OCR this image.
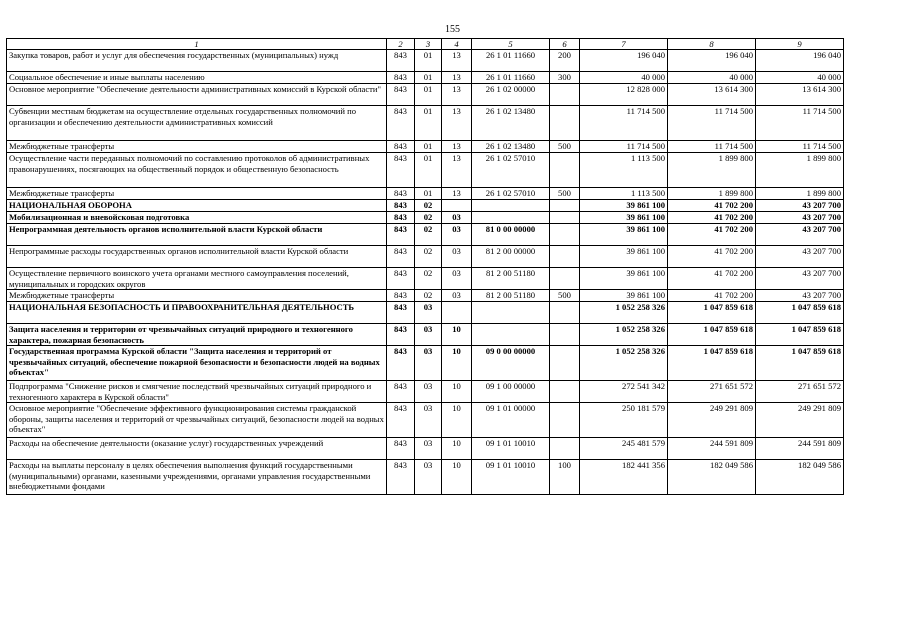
155
1	2	3	4	5	6	7	8	9
Закупка товаров, работ и услуг для обеспечения государственных (муниципальных) нужд	843	01	13	26 1 01 11660	200	196 040	196 040	196 040
Социальное обеспечение и иные выплаты населению	843	01	13	26 1 01 11660	300	40 000	40 000	40 000
Основное мероприятие "Обеспечение деятельности административных комиссий в Курской области"	843	01	13	26 1 02 00000		12 828 000	13 614 300	13 614 300
Субвенции местным бюджетам на осуществление отдельных государственных полномочий по организации и обеспечению деятельности административных комиссий	843	01	13	26 1 02 13480		11 714 500	11 714 500	11 714 500
Межбюджетные трансферты	843	01	13	26 1 02 13480	500	11 714 500	11 714 500	11 714 500
Осуществление части переданных полномочий по составлению протоколов об административных правонарушениях, посягающих на общественный порядок и общественную безопасность	843	01	13	26 1 02 57010		1 113 500	1 899 800	1 899 800
Межбюджетные трансферты	843	01	13	26 1 02 57010	500	1 113 500	1 899 800	1 899 800
НАЦИОНАЛЬНАЯ ОБОРОНА	843	02				39 861 100	41 702 200	43 207 700
Мобилизационная и вневойсковая подготовка	843	02	03			39 861 100	41 702 200	43 207 700
Непрограммная деятельность органов исполнительной власти Курской области	843	02	03	81 0 00 00000		39 861 100	41 702 200	43 207 700
Непрограммные расходы государственных органов исполнительной власти Курской области	843	02	03	81 2 00 00000		39 861 100	41 702 200	43 207 700
Осуществление первичного воинского учета органами местного самоуправления поселений, муниципальных и городских округов	843	02	03	81 2 00 51180		39 861 100	41 702 200	43 207 700
Межбюджетные трансферты	843	02	03	81 2 00 51180	500	39 861 100	41 702 200	43 207 700
НАЦИОНАЛЬНАЯ БЕЗОПАСНОСТЬ И ПРАВООХРАНИТЕЛЬНАЯ ДЕЯТЕЛЬНОСТЬ	843	03				1 052 258 326	1 047 859 618	1 047 859 618
Защита населения и территории от чрезвычайных ситуаций природного и техногенного характера, пожарная безопасность	843	03	10			1 052 258 326	1 047 859 618	1 047 859 618
Государственная программа Курской области "Защита населения и территорий от чрезвычайных ситуаций, обеспечение пожарной безопасности и безопасности людей на водных объектах"	843	03	10	09 0 00 00000		1 052 258 326	1 047 859 618	1 047 859 618
Подпрограмма "Снижение рисков и смягчение последствий чрезвычайных ситуаций природного и техногенного характера в Курской области"	843	03	10	09 1 00 00000		272 541 342	271 651 572	271 651 572
Основное мероприятие "Обеспечение эффективного функционирования системы гражданской обороны, защиты населения и территорий от чрезвычайных ситуаций, безопасности людей на водных объектах"	843	03	10	09 1 01 00000		250 181 579	249 291 809	249 291 809
Расходы на обеспечение деятельности (оказание услуг) государственных учреждений	843	03	10	09 1 01 10010		245 481 579	244 591 809	244 591 809
Расходы на выплаты персоналу в целях обеспечения выполнения функций государственными (муниципальными) органами, казенными учреждениями, органами управления государственными внебюджетными фондами	843	03	10	09 1 01 10010	100	182 441 356	182 049 586	182 049 586
